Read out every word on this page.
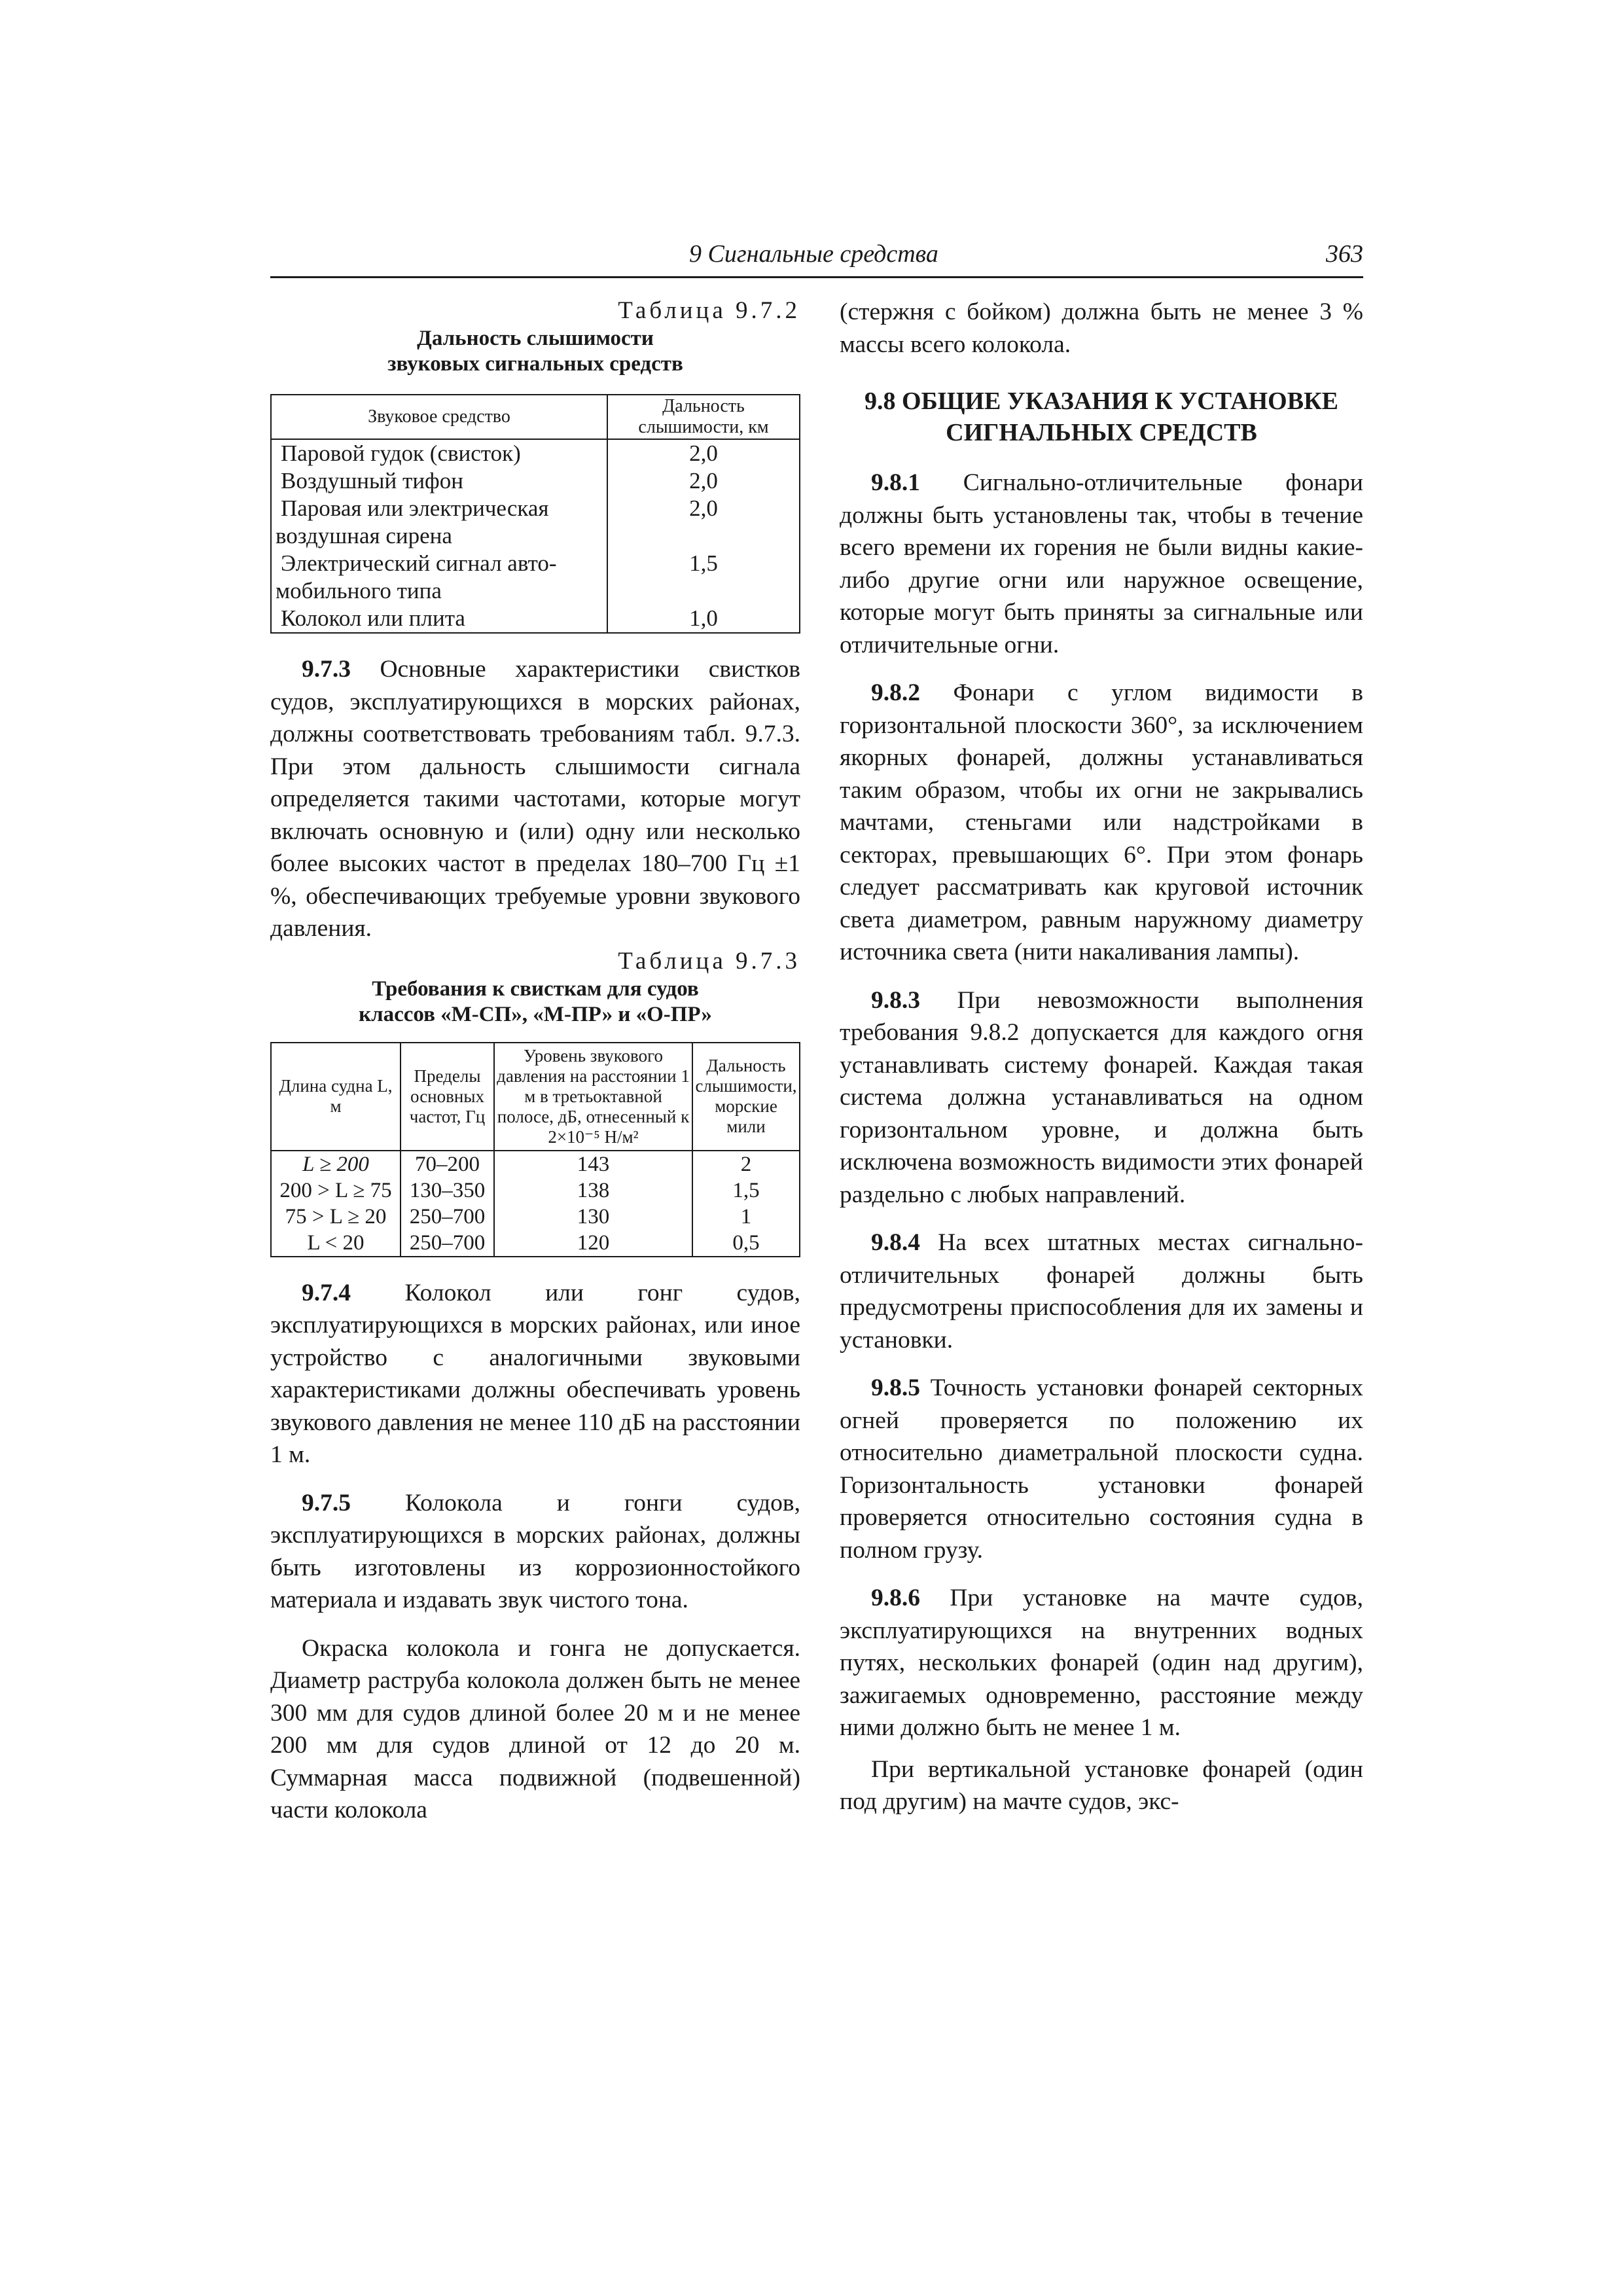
9 Сигнальные средства	363
Таблица 9.7.2
Дальность слышимости
звуковых сигнальных средств
Звуковое средство	Дальность
слышимости, км

Паровой гудок (свисток)	2,0
Воздушный тифон	2,0

Паровая или электрическая
воздушная сирена	2,0

Электрический сигнал авто-
мобильного типа	1,5
Колокол или плита	1,0

9.7.3 Основные характеристики свистков судов, эксплуатирующихся в морских районах, должны соответствовать требованиям табл. 9.7.3. При этом дальность слышимости сигнала определяется такими частотами, которые могут включать основную и (или) одну или несколько более высоких частот в пределах 180–700 Гц ±1 %, обеспечивающих требуемые уровни звукового давления.

Таблица 9.7.3
Требования к свисткам для судов
классов «М-СП», «М-ПР» и «О-ПР»
Длина судна L, м	Пределы основных частот, Гц	Уровень звукового давления на расстоянии 1 м в третьоктавной полосе, дБ, отнесенный к 2×10⁻⁵ Н/м²	Дальность слышимости, морские мили
L ≥ 200	70–200	143	2
200 > L ≥ 75	130–350	138	1,5
75 > L ≥ 20	250–700	130	1
L < 20	250–700	120	0,5

9.7.4 Колокол или гонг судов, эксплуатирующихся в морских районах, или иное устройство с аналогичными звуковыми характеристиками должны обеспечивать уровень звукового давления не менее 110 дБ на расстоянии 1 м.

9.7.5 Колокола и гонги судов, эксплуатирующихся в морских районах, должны быть изготовлены из коррозионностойкого материала и издавать звук чистого тона.

Окраска колокола и гонга не допускается. Диаметр раструба колокола должен быть не менее 300 мм для судов длиной более 20 м и не менее 200 мм для судов длиной от 12 до 20 м. Суммарная масса подвижной (подвешенной) части колокола

(стержня с бойком) должна быть не менее 3 % массы всего колокола.

9.8 ОБЩИЕ УКАЗАНИЯ К УСТАНОВКЕ
СИГНАЛЬНЫХ СРЕДСТВ

9.8.1 Сигнально-отличительные фонари должны быть установлены так, чтобы в течение всего времени их горения не были видны какие-либо другие огни или наружное освещение, которые могут быть приняты за сигнальные или отличительные огни.

9.8.2 Фонари с углом видимости в горизонтальной плоскости 360°, за исключением якорных фонарей, должны устанавливаться таким образом, чтобы их огни не закрывались мачтами, стеньгами или надстройками в секторах, превышающих 6°. При этом фонарь следует рассматривать как круговой источник света диаметром, равным наружному диаметру источника света (нити накаливания лампы).

9.8.3 При невозможности выполнения требования 9.8.2 допускается для каждого огня устанавливать систему фонарей. Каждая такая система должна устанавливаться на одном горизонтальном уровне, и должна быть исключена возможность видимости этих фонарей раздельно с любых направлений.

9.8.4 На всех штатных местах сигнально-отличительных фонарей должны быть предусмотрены приспособления для их замены и установки.

9.8.5 Точность установки фонарей секторных огней проверяется по положению их относительно диаметральной плоскости судна. Горизонтальность установки фонарей проверяется относительно состояния судна в полном грузу.

9.8.6 При установке на мачте судов, эксплуатирующихся на внутренних водных путях, нескольких фонарей (один над другим), зажигаемых одновременно, расстояние между ними должно быть не менее 1 м.

При вертикальной установке фонарей (один под другим) на мачте судов, экс-
